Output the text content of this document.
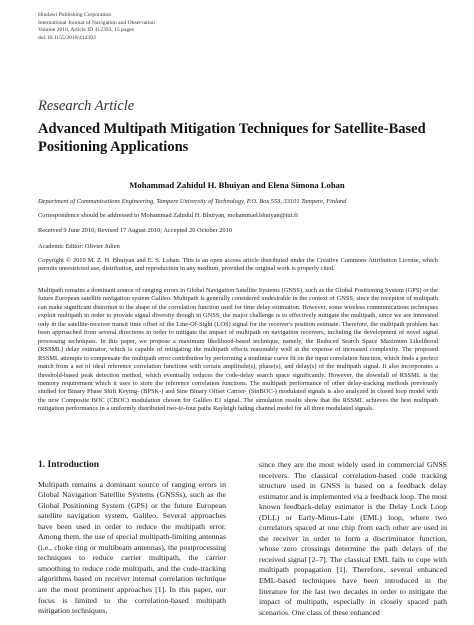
Hindawi Publishing Corporation
International Journal of Navigation and Observation
Volume 2010, Article ID 412393, 15 pages
doi:10.1155/2010/412393
Research Article
Advanced Multipath Mitigation Techniques for Satellite-Based Positioning Applications
Mohammad Zahidul H. Bhuiyan and Elena Simona Lohan
Department of Communications Engineering, Tampere University of Technology, P.O. Box 553, 33101 Tampere, Finland
Correspondence should be addressed to Mohammad Zahidul H. Bhuiyan, mohammad.bhuiyan@tut.fi
Received 9 June 2010; Revised 17 August 2010; Accepted 20 October 2010
Academic Editor: Olivier Julien
Copyright © 2010 M. Z. H. Bhuiyan and E. S. Lohan. This is an open access article distributed under the Creative Commons Attribution License, which permits unrestricted use, distribution, and reproduction in any medium, provided the original work is properly cited.
Multipath remains a dominant source of ranging errors in Global Navigation Satellite Systems (GNSS), such as the Global Positioning System (GPS) or the future European satellite navigation system Galileo. Multipath is generally considered undesirable in the context of GNSS, since the reception of multipath can make significant distortion to the shape of the correlation function used for time delay estimation. However, some wireless communications techniques exploit multipath in order to provide signal diversity though in GNSS, the major challenge is to effectively mitigate the multipath, since we are interested only in the satellite-receiver transit time offset of the Line-Of-Sight (LOS) signal for the receiver's position estimate. Therefore, the multipath problem has been approached from several directions in order to mitigate the impact of multipath on navigation receivers, including the development of novel signal processing techniques. In this paper, we propose a maximum likelihood-based technique, namely, the Reduced Search Space Maximum Likelihood (RSSML) delay estimator, which is capable of mitigating the multipath effects reasonably well at the expense of increased complexity. The proposed RSSML attempts to compensate the multipath error contribution by performing a nonlinear curve fit on the input correlation function, which finds a perfect match from a set of ideal reference correlation functions with certain amplitude(s), phase(s), and delay(s) of the multipath signal. It also incorporates a threshold-based peak detection method, which eventually reduces the code-delay search space significantly. However, the downfall of RSSML is the memory requirement which it uses to store the reference correlation functions. The multipath performance of other delay-tracking methods previously studied for Binary Phase Shift Keying- (BPSK-) and Sine Binary Offset Carrier- (SinBOC-) modulated signals is also analyzed in closed loop model with the new Composite BOC (CBOC) modulation chosen for Galileo E1 signal. The simulation results show that the RSSML achieves the best multipath mitigation performance in a uniformly distributed two-to-four paths Rayleigh fading channel model for all three modulated signals.
1. Introduction

Multipath remains a dominant source of ranging errors in Global Navigation Satellite Systems (GNSSs), such as the Global Positioning System (GPS) or the future European satellite navigation system, Galileo. Several approaches have been used in order to reduce the multipath error. Among them, the use of special multipath-limiting antennas (i.e., choke ring or multibeam antennas), the postprocessing techniques to reduce carrier multipath, the carrier smoothing to reduce code multipath, and the code-tracking algorithms based on receiver internal correlation technique are the most prominent approaches [1]. In this paper, our focus is limited to the correlation-based multipath mitigation techniques,

since they are the most widely used in commercial GNSS receivers. The classical correlation-based code tracking structure used in GNSS is based on a feedback delay estimator and is implemented via a feedback loop. The most known feedback-delay estimator is the Delay Lock Loop (DLL) or Early-Minus-Late (EML) loop, where two correlators spaced at one chip from each other are used in the receiver in order to form a discriminator function, whose zero crossings determine the path delays of the received signal [2–7]. The classical EML fails to cope with multipath propagation [1]. Therefore, several enhanced EML-based techniques have been introduced in the literature for the last two decades in order to mitigate the impact of multipath, especially in closely spaced path scenarios. One class of these enhanced
